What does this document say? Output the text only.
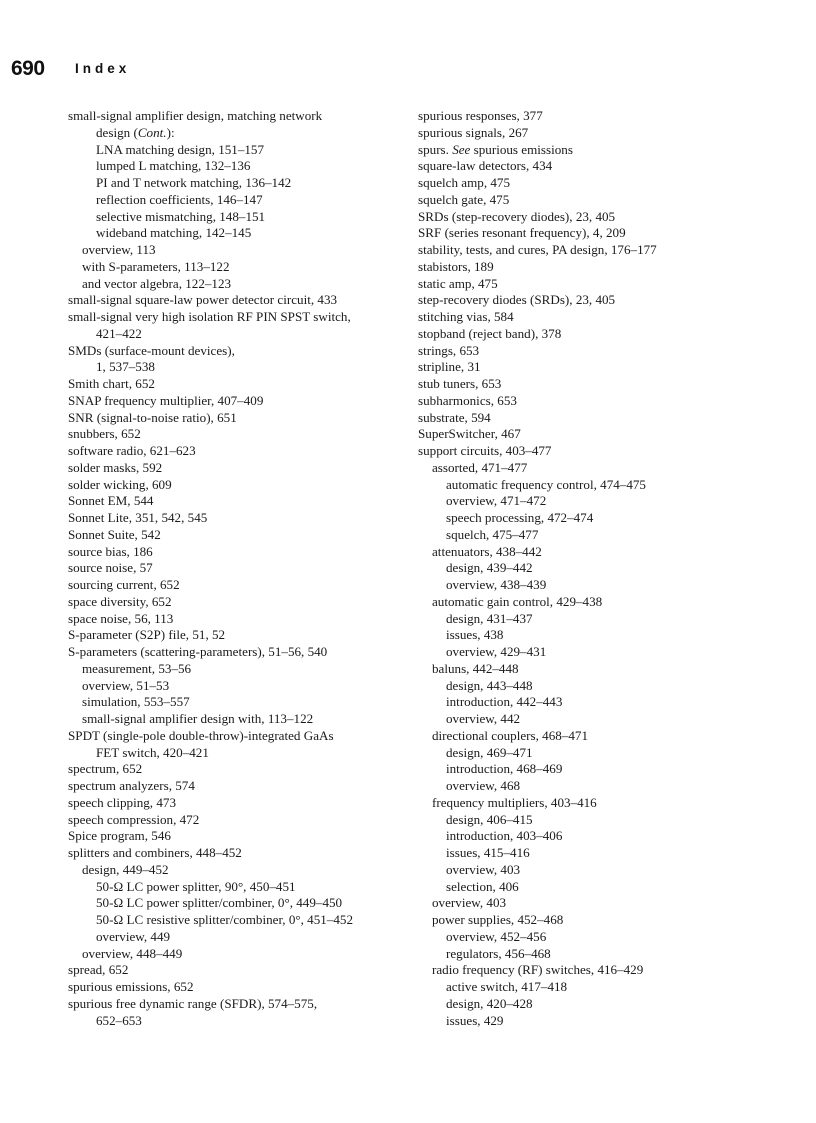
690 Index
small-signal amplifier design, matching network
design (Cont.):
LNA matching design, 151–157
lumped L matching, 132–136
PI and T network matching, 136–142
reflection coefficients, 146–147
selective mismatching, 148–151
wideband matching, 142–145
overview, 113
with S-parameters, 113–122
and vector algebra, 122–123
small-signal square-law power detector circuit, 433
small-signal very high isolation RF PIN SPST switch,
421–422
SMDs (surface-mount devices),
1, 537–538
Smith chart, 652
SNAP frequency multiplier, 407–409
SNR (signal-to-noise ratio), 651
snubbers, 652
software radio, 621–623
solder masks, 592
solder wicking, 609
Sonnet EM, 544
Sonnet Lite, 351, 542, 545
Sonnet Suite, 542
source bias, 186
source noise, 57
sourcing current, 652
space diversity, 652
space noise, 56, 113
S-parameter (S2P) file, 51, 52
S-parameters (scattering-parameters), 51–56, 540
measurement, 53–56
overview, 51–53
simulation, 553–557
small-signal amplifier design with, 113–122
SPDT (single-pole double-throw)-integrated GaAs
FET switch, 420–421
spectrum, 652
spectrum analyzers, 574
speech clipping, 473
speech compression, 472
Spice program, 546
splitters and combiners, 448–452
design, 449–452
50-Ω LC power splitter, 90°, 450–451
50-Ω LC power splitter/combiner, 0°, 449–450
50-Ω LC resistive splitter/combiner, 0°, 451–452
overview, 449
overview, 448–449
spread, 652
spurious emissions, 652
spurious free dynamic range (SFDR), 574–575,
652–653
spurious responses, 377
spurious signals, 267
spurs. See spurious emissions
square-law detectors, 434
squelch amp, 475
squelch gate, 475
SRDs (step-recovery diodes), 23, 405
SRF (series resonant frequency), 4, 209
stability, tests, and cures, PA design, 176–177
stabistors, 189
static amp, 475
step-recovery diodes (SRDs), 23, 405
stitching vias, 584
stopband (reject band), 378
strings, 653
stripline, 31
stub tuners, 653
subharmonics, 653
substrate, 594
SuperSwitcher, 467
support circuits, 403–477
assorted, 471–477
automatic frequency control, 474–475
overview, 471–472
speech processing, 472–474
squelch, 475–477
attenuators, 438–442
design, 439–442
overview, 438–439
automatic gain control, 429–438
design, 431–437
issues, 438
overview, 429–431
baluns, 442–448
design, 443–448
introduction, 442–443
overview, 442
directional couplers, 468–471
design, 469–471
introduction, 468–469
overview, 468
frequency multipliers, 403–416
design, 406–415
introduction, 403–406
issues, 415–416
overview, 403
selection, 406
overview, 403
power supplies, 452–468
overview, 452–456
regulators, 456–468
radio frequency (RF) switches, 416–429
active switch, 417–418
design, 420–428
issues, 429
